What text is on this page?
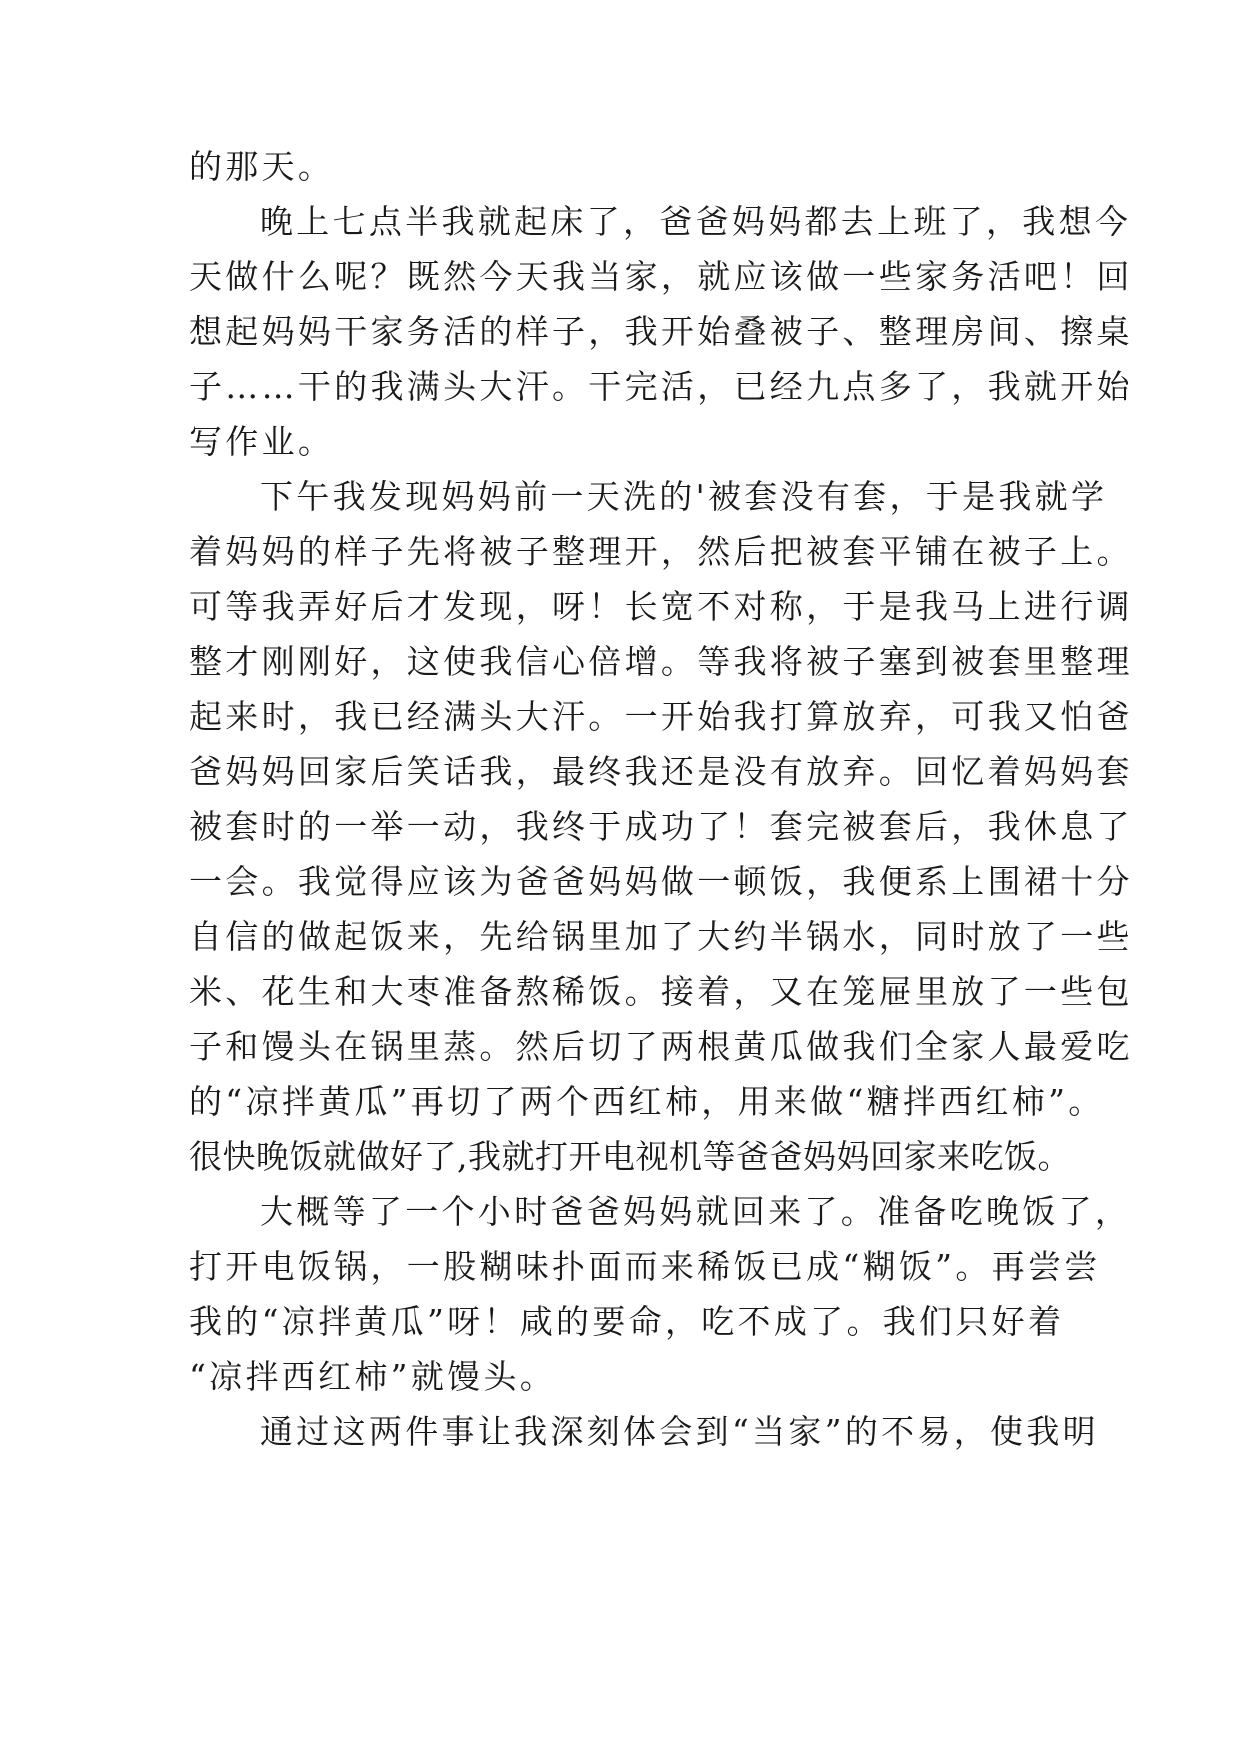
的那天。
晚上七点半我就起床了，爸爸妈妈都去上班了，我想今
天做什么呢？既然今天我当家，就应该做一些家务活吧！回
想起妈妈干家务活的样子，我开始叠被子、整理房间、擦桌
子……干的我满头大汗。干完活，已经九点多了，我就开始
写作业。
下午我发现妈妈前一天洗的'被套没有套，于是我就学
着妈妈的样子先将被子整理开，然后把被套平铺在被子上。
可等我弄好后才发现，呀！长宽不对称，于是我马上进行调
整才刚刚好，这使我信心倍增。等我将被子塞到被套里整理
起来时，我已经满头大汗。一开始我打算放弃，可我又怕爸
爸妈妈回家后笑话我，最终我还是没有放弃。回忆着妈妈套
被套时的一举一动，我终于成功了！套完被套后，我休息了
一会。我觉得应该为爸爸妈妈做一顿饭，我便系上围裙十分
自信的做起饭来，先给锅里加了大约半锅水，同时放了一些
米、花生和大枣准备熬稀饭。接着，又在笼屉里放了一些包
子和馒头在锅里蒸。然后切了两根黄瓜做我们全家人最爱吃
的“凉拌黄瓜”再切了两个西红柿，用来做“糖拌西红柿”。
很快晚饭就做好了,我就打开电视机等爸爸妈妈回家来吃饭。
大概等了一个小时爸爸妈妈就回来了。准备吃晚饭了，
打开电饭锅，一股糊味扑面而来稀饭已成“糊饭”。再尝尝
我的“凉拌黄瓜”呀！咸的要命，吃不成了。我们只好着
“凉拌西红柿”就馒头。
通过这两件事让我深刻体会到“当家”的不易，使我明
